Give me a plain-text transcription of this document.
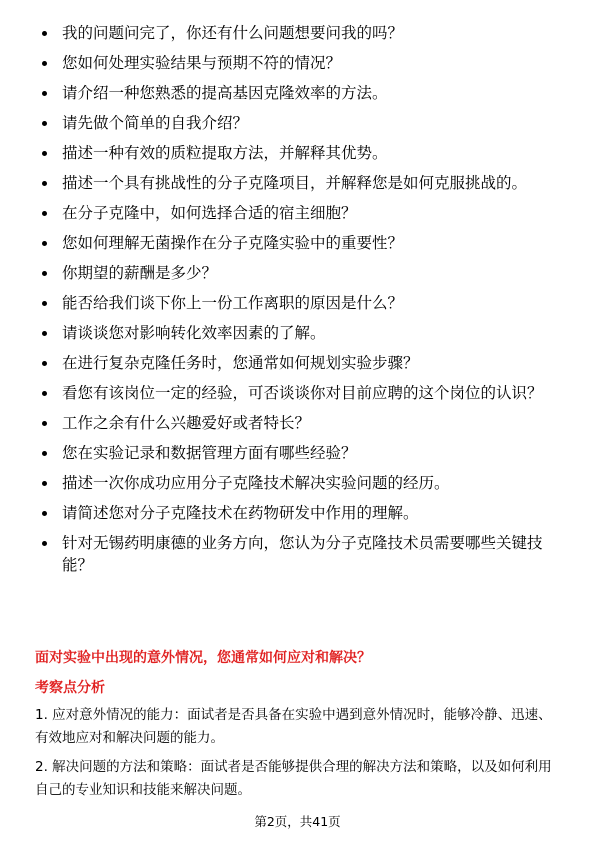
我的问题问完了，你还有什么问题想要问我的吗？
您如何处理实验结果与预期不符的情况？
请介绍一种您熟悉的提高基因克隆效率的方法。
请先做个简单的自我介绍？
描述一种有效的质粒提取方法，并解释其优势。
描述一个具有挑战性的分子克隆项目，并解释您是如何克服挑战的。
在分子克隆中，如何选择合适的宿主细胞？
您如何理解无菌操作在分子克隆实验中的重要性？
你期望的薪酬是多少？
能否给我们谈下你上一份工作离职的原因是什么？
请谈谈您对影响转化效率因素的了解。
在进行复杂克隆任务时，您通常如何规划实验步骤？
看您有该岗位一定的经验，可否谈谈你对目前应聘的这个岗位的认识？
工作之余有什么兴趣爱好或者特长？
您在实验记录和数据管理方面有哪些经验？
描述一次你成功应用分子克隆技术解决实验问题的经历。
请简述您对分子克隆技术在药物研发中作用的理解。
针对无锡药明康德的业务方向，您认为分子克隆技术员需要哪些关键技能？
面对实验中出现的意外情况，您通常如何应对和解决？
考察点分析
1. 应对意外情况的能力：面试者是否具备在实验中遇到意外情况时，能够冷静、迅速、有效地应对和解决问题的能力。
2. 解决问题的方法和策略：面试者是否能够提供合理的解决方法和策略，以及如何利用自己的专业知识和技能来解决问题。
第2页，共41页
